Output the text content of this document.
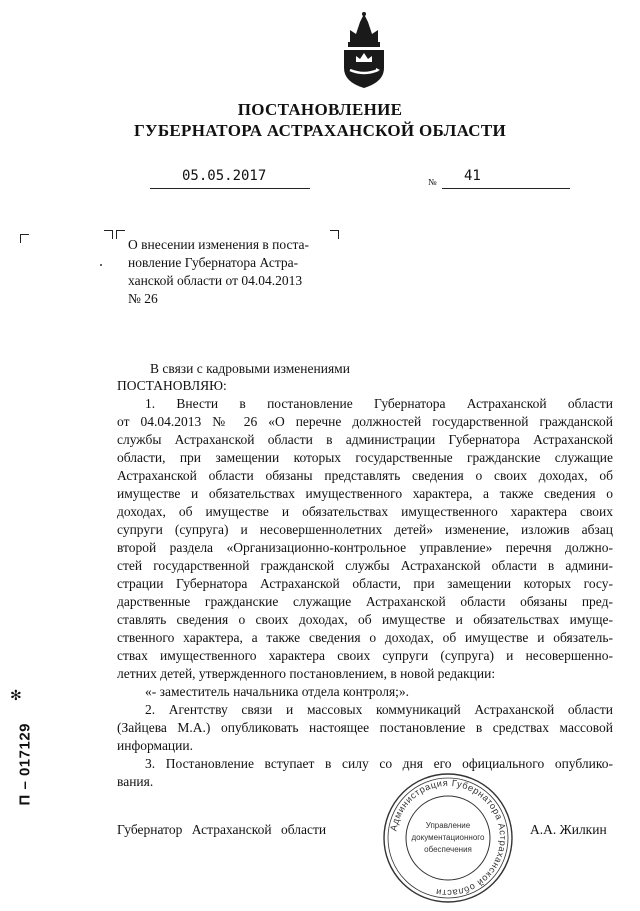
ПОСТАНОВЛЕНИЕ
ГУБЕРНАТОРА АСТРАХАНСКОЙ ОБЛАСТИ
05.05.2017	№ 41
О внесении изменения в поста-
новление Губернатора Астра-
ханской области от 04.04.2013
№ 26
В связи с кадровыми изменениями
ПОСТАНОВЛЯЮ:
1. Внести в постановление Губернатора Астраханской области
от 04.04.2013 № 26 «О перечне должностей государственной гражданской
службы Астраханской области в администрации Губернатора Астраханской
области, при замещении которых государственные гражданские служащие
Астраханской области обязаны представлять сведения о своих доходах, об
имуществе и обязательствах имущественного характера, а также сведения о
доходах, об имуществе и обязательствах имущественного характера своих
супруги (супруга) и несовершеннолетних детей» изменение, изложив абзац
второй раздела «Организационно-контрольное управление» перечня должно-
стей государственной гражданской службы Астраханской области в админи-
страции Губернатора Астраханской области, при замещении которых госу-
дарственные гражданские служащие Астраханской области обязаны пред-
ставлять сведения о своих доходах, об имуществе и обязательствах имуще-
ственного характера, а также сведения о доходах, об имуществе и обязатель-
ствах имущественного характера своих супруги (супруга) и несовершенно-
летних детей, утвержденного постановлением, в новой редакции:
«- заместитель начальника отдела контроля;».
2. Агентству связи и массовых коммуникаций Астраханской области
(Зайцева М.А.) опубликовать настоящее постановление в средствах массовой
информации.
3. Постановление вступает в силу со дня его официального опублико-
вания.
Администрация Губернатора Астраханской области
Управление
документационного
обеспечения
Губернатор Астраханской области	А.А. Жилкин
✻
П – 017129
